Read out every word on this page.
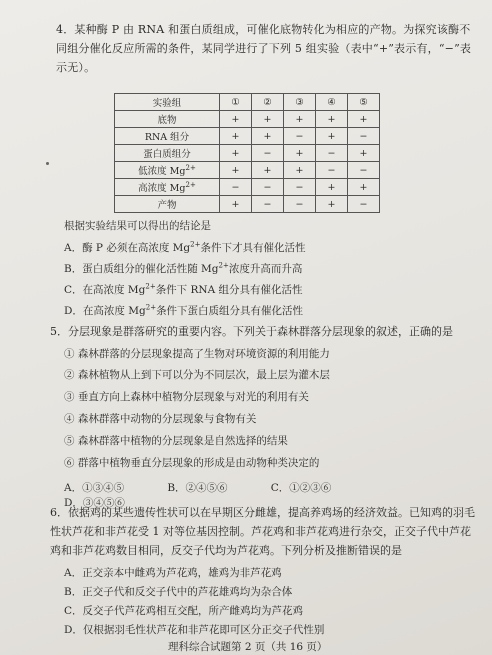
4．某种酶 P 由 RNA 和蛋白质组成，可催化底物转化为相应的产物。为探究该酶不同组分催化反应所需的条件，某同学进行了下列 5 组实验（表中“+”表示有，“−”表示无）。
实验组	①	②	③	④	⑤
底物	+	+	+	+	+
RNA 组分	+	+	−	+	−
蛋白质组分	+	−	+	−	+
低浓度 $Mg^{2+}$	+	+	+	−	−
高浓度 $Mg^{2+}$	−	−	−	+	+
产物	+	−	−	+	−
根据实验结果可以得出的结论是
A．酶 P 必须在高浓度 $Mg^{2+}$条件下才具有催化活性
B．蛋白质组分的催化活性随 $Mg^{2+}$浓度升高而升高
C．在高浓度 $Mg^{2+}$条件下 RNA 组分具有催化活性
D．在高浓度 $Mg^{2+}$条件下蛋白质组分具有催化活性
5．分层现象是群落研究的重要内容。下列关于森林群落分层现象的叙述，正确的是
① 森林群落的分层现象提高了生物对环境资源的利用能力
② 森林植物从上到下可以分为不同层次，最上层为灌木层
③ 垂直方向上森林中植物分层现象与对光的利用有关
④ 森林群落中动物的分层现象与食物有关
⑤ 森林群落中植物的分层现象是自然选择的结果
⑥ 群落中植物垂直分层现象的形成是由动物种类决定的
A．①③④⑤	B．②④⑤⑥	C．①②③⑥ D．③④⑤⑥
6．依据鸡的某些遗传性状可以在早期区分雌雄，提高养鸡场的经济效益。已知鸡的羽毛性状芦花和非芦花受 1 对等位基因控制。芦花鸡和非芦花鸡进行杂交，正交子代中芦花鸡和非芦花鸡数目相同，反交子代均为芦花鸡。下列分析及推断错误的是
A．正交亲本中雌鸡为芦花鸡，雄鸡为非芦花鸡
B．正交子代和反交子代中的芦花雄鸡均为杂合体
C．反交子代芦花鸡相互交配，所产雌鸡均为芦花鸡
D．仅根据羽毛性状芦花和非芦花即可区分正交子代性别
理科综合试题第 2 页（共 16 页）
